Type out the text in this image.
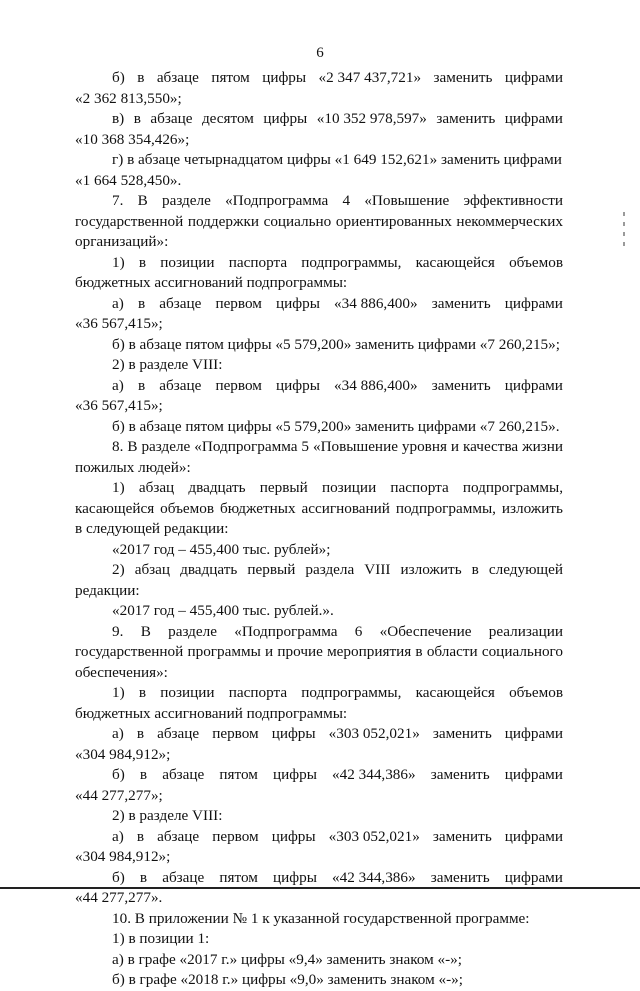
6
б) в абзаце пятом цифры «2 347 437,721» заменить цифрами

«2 362 813,550»;

в) в абзаце десятом цифры «10 352 978,597» заменить цифрами

«10 368 354,426»;

г) в абзаце четырнадцатом цифры «1 649 152,621» заменить цифрами

«1 664 528,450».

7. В разделе «Подпрограмма 4 «Повышение эффективности государственной поддержки социально ориентированных некоммерческих организаций»:

1) в позиции паспорта подпрограммы, касающейся объемов бюджетных ассигнований подпрограммы:

а) в абзаце первом цифры «34 886,400» заменить цифрами

«36 567,415»;

б) в абзаце пятом цифры «5 579,200» заменить цифрами «7 260,215»;

2) в разделе VIII:

а) в абзаце первом цифры «34 886,400» заменить цифрами

«36 567,415»;

б) в абзаце пятом цифры «5 579,200» заменить цифрами «7 260,215».

8. В разделе «Подпрограмма 5 «Повышение уровня и качества жизни пожилых людей»:

1) абзац двадцать первый позиции паспорта подпрограммы, касающейся объемов бюджетных ассигнований подпрограммы, изложить в следующей редакции:

«2017 год – 455,400 тыс. рублей»;

2) абзац двадцать первый раздела VIII изложить в следующей редакции:

«2017 год – 455,400 тыс. рублей.».

9. В разделе «Подпрограмма 6 «Обеспечение реализации государственной программы и прочие мероприятия в области социального обеспечения»:

1) в позиции паспорта подпрограммы, касающейся объемов бюджетных ассигнований подпрограммы:

а) в абзаце первом цифры «303 052,021» заменить цифрами

«304 984,912»;

б) в абзаце пятом цифры «42 344,386» заменить цифрами

«44 277,277»;

2) в разделе VIII:

а) в абзаце первом цифры «303 052,021» заменить цифрами

«304 984,912»;

б) в абзаце пятом цифры «42 344,386» заменить цифрами

«44 277,277».

10. В приложении № 1 к указанной государственной программе:

1) в позиции 1:

а) в графе «2017 г.» цифры «9,4» заменить знаком «-»;

б) в графе «2018 г.» цифры «9,0» заменить знаком «-»;
